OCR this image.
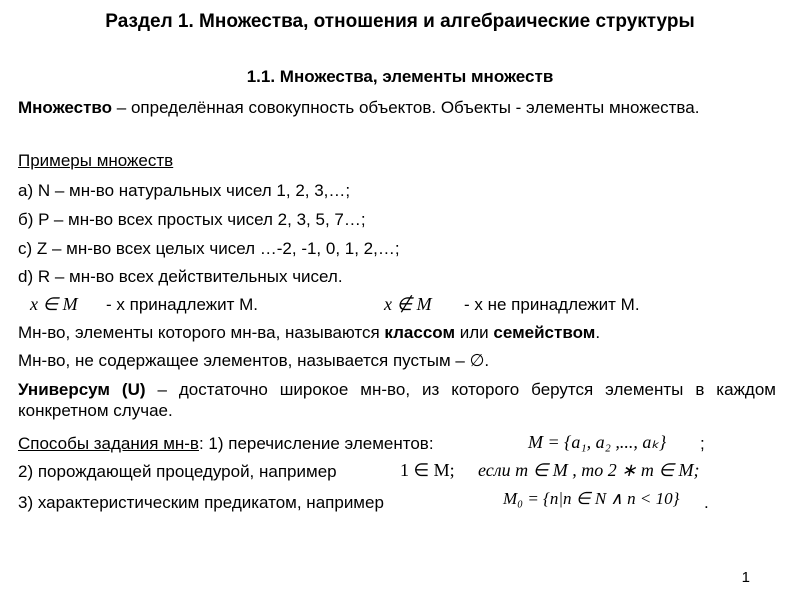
Раздел 1. Множества, отношения и алгебраические структуры
1.1. Множества, элементы множеств
Множество – определённая совокупность объектов. Объекты - элементы множества.
Примеры множеств
а) N – мн-во натуральных чисел 1, 2, 3,…;
б) P – мн-во всех простых чисел 2, 3, 5, 7…;
с) Z – мн-во всех целых чисел …-2, -1, 0, 1, 2,…;
d) R – мн-во всех действительных чисел.
x ∈ M - x принадлежит M.	x ∉ M - x не принадлежит M.
Мн-во, элементы которого мн-ва, называются классом или семейством.
Мн-во, не содержащее элементов, называется пустым – ∅.
Универсум (U) – достаточно широкое мн-во, из которого берутся элементы в каждом конкретном случае.
Способы задания мн-в: 1) перечисление элементов:	M = {a₁, a₂ ,..., aₖ} ;
2) порождающей процедурой, например	1 ∈ M; если m ∈ M , то 2 ∗ m ∈ M;
3) характеристическим предикатом, например	M₀ = {n|n ∈ N ∧ n < 10} .
1
